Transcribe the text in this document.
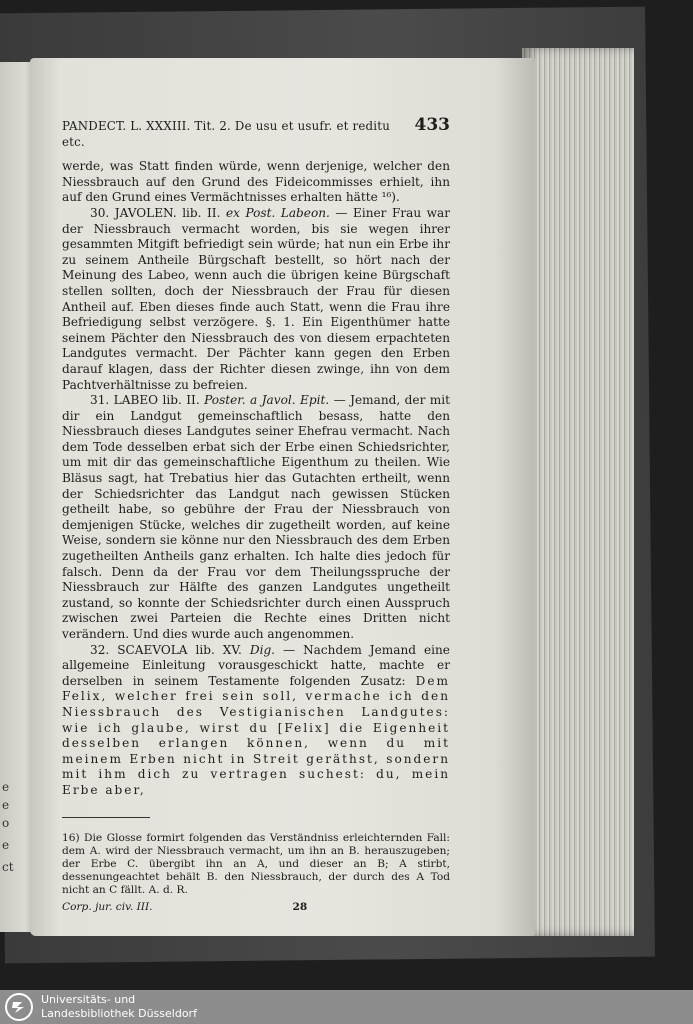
e
e
o
e
ct
PANDECT. L. XXXIII. Tit. 2. De usu et usufr. et reditu etc.
433

werde, was Statt finden würde, wenn derjenige, welcher den Niessbrauch auf den Grund des Fideicommisses erhielt, ihn auf den Grund eines Vermächtnisses erhalten hätte ¹⁶).

30. JAVOLEN. lib. II. ex Post. Labeon. — Einer Frau war der Niessbrauch vermacht worden, bis sie wegen ihrer gesammten Mitgift befriedigt sein würde; hat nun ein Erbe ihr zu seinem Antheile Bürgschaft bestellt, so hört nach der Meinung des Labeo, wenn auch die übrigen keine Bürgschaft stellen sollten, doch der Niessbrauch der Frau für diesen Antheil auf. Eben dieses finde auch Statt, wenn die Frau ihre Befriedigung selbst verzögere. §. 1. Ein Eigenthümer hatte seinem Pächter den Niessbrauch des von diesem erpachteten Landgutes vermacht. Der Pächter kann gegen den Erben darauf klagen, dass der Richter diesen zwinge, ihn von dem Pachtverhältnisse zu befreien.

31. LABEO lib. II. Poster. a Javol. Epit. — Jemand, der mit dir ein Landgut gemeinschaftlich besass, hatte den Niessbrauch dieses Landgutes seiner Ehefrau vermacht. Nach dem Tode desselben erbat sich der Erbe einen Schiedsrichter, um mit dir das gemeinschaftliche Eigenthum zu theilen. Wie Bläsus sagt, hat Trebatius hier das Gutachten ertheilt, wenn der Schiedsrichter das Landgut nach gewissen Stücken getheilt habe, so gebühre der Frau der Niessbrauch von demjenigen Stücke, welches dir zugetheilt worden, auf keine Weise, sondern sie könne nur den Niessbrauch des dem Erben zugetheilten Antheils ganz erhalten. Ich halte dies jedoch für falsch. Denn da der Frau vor dem Theilungsspruche der Niessbrauch zur Hälfte des ganzen Landgutes ungetheilt zustand, so konnte der Schiedsrichter durch einen Ausspruch zwischen zwei Parteien die Rechte eines Dritten nicht verändern. Und dies wurde auch angenommen.

32. SCAEVOLA lib. XV. Dig. — Nachdem Jemand eine allgemeine Einleitung vorausgeschickt hatte, machte er derselben in seinem Testamente folgenden Zusatz: Dem Felix, welcher frei sein soll, vermache ich den Niessbrauch des Vestigianischen Landgutes: wie ich glaube, wirst du [Felix] die Eigenheit desselben erlangen können, wenn du mit meinem Erben nicht in Streit geräthst, sondern mit ihm dich zu vertragen suchest: du, mein Erbe aber,

16) Die Glosse formirt folgenden das Verständniss erleichternden Fall: dem A. wird der Niessbrauch vermacht, um ihn an B. herauszugeben; der Erbe C. übergibt ihn an A, und dieser an B; A stirbt, dessenungeachtet behält B. den Niessbrauch, der durch des A Tod nicht an C fällt. A. d. R.

Corp. jur. civ. III.	28
Universitäts- und
Landesbibliothek Düsseldorf
